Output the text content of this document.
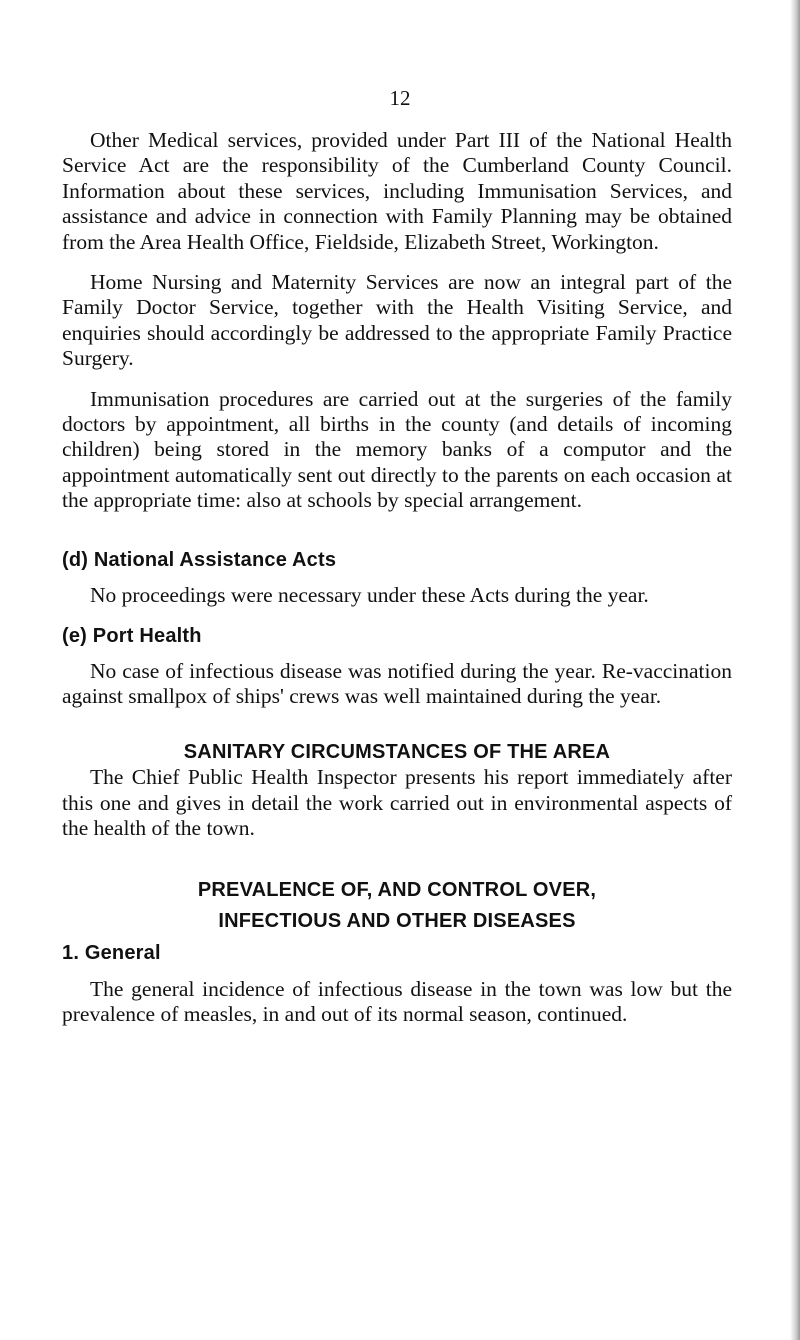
12

Other Medical services, provided under Part III of the National Health Service Act are the responsibility of the Cumberland County Council. Information about these services, including Immunisation Services, and assistance and advice in connection with Family Planning may be obtained from the Area Health Office, Fieldside, Elizabeth Street, Workington.

Home Nursing and Maternity Services are now an integral part of the Family Doctor Service, together with the Health Visiting Service, and enquiries should accordingly be addressed to the appropriate Family Practice Surgery.

Immunisation procedures are carried out at the surgeries of the family doctors by appointment, all births in the county (and details of incoming children) being stored in the memory banks of a computor and the appointment automatically sent out directly to the parents on each occasion at the appropriate time: also at schools by special arrangement.

(d) National Assistance Acts

No proceedings were necessary under these Acts during the year.

(e) Port Health

No case of infectious disease was notified during the year. Re-vaccination against smallpox of ships' crews was well maintained during the year.

SANITARY CIRCUMSTANCES OF THE AREA

The Chief Public Health Inspector presents his report immediately after this one and gives in detail the work carried out in environmental aspects of the health of the town.

PREVALENCE OF, AND CONTROL OVER,
INFECTIOUS AND OTHER DISEASES
1. General

The general incidence of infectious disease in the town was low but the prevalence of measles, in and out of its normal season, continued.
